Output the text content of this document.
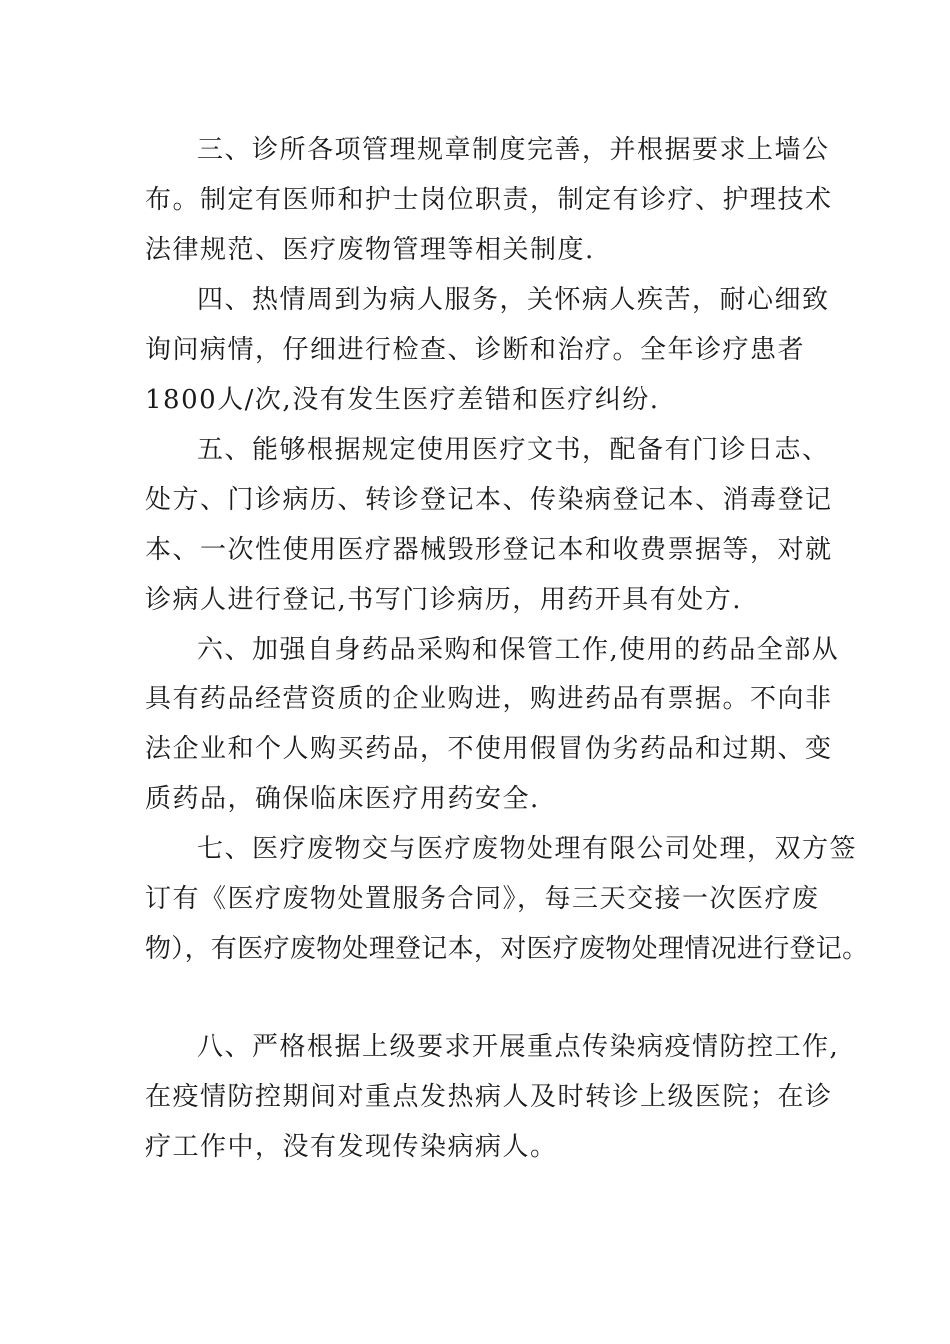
三、诊所各项管理规章制度完善，并根据要求上墙公

布。制定有医师和护士岗位职责，制定有诊疗、护理技术

法律规范、医疗废物管理等相关制度.

四、热情周到为病人服务，关怀病人疾苦，耐心细致

询问病情，仔细进行检查、诊断和治疗。全年诊疗患者

1800人/次,没有发生医疗差错和医疗纠纷.

五、能够根据规定使用医疗文书，配备有门诊日志、

处方、门诊病历、转诊登记本、传染病登记本、消毒登记

本、一次性使用医疗器械毁形登记本和收费票据等，对就

诊病人进行登记,书写门诊病历，用药开具有处方.

六、加强自身药品采购和保管工作,使用的药品全部从

具有药品经营资质的企业购进，购进药品有票据。不向非

法企业和个人购买药品，不使用假冒伪劣药品和过期、变

质药品，确保临床医疗用药安全.

七、医疗废物交与医疗废物处理有限公司处理，双方签

订有《医疗废物处置服务合同》，每三天交接一次医疗废

物），有医疗废物处理登记本，对医疗废物处理情况进行登记。

八、严格根据上级要求开展重点传染病疫情防控工作,

在疫情防控期间对重点发热病人及时转诊上级医院；在诊

疗工作中，没有发现传染病病人。
